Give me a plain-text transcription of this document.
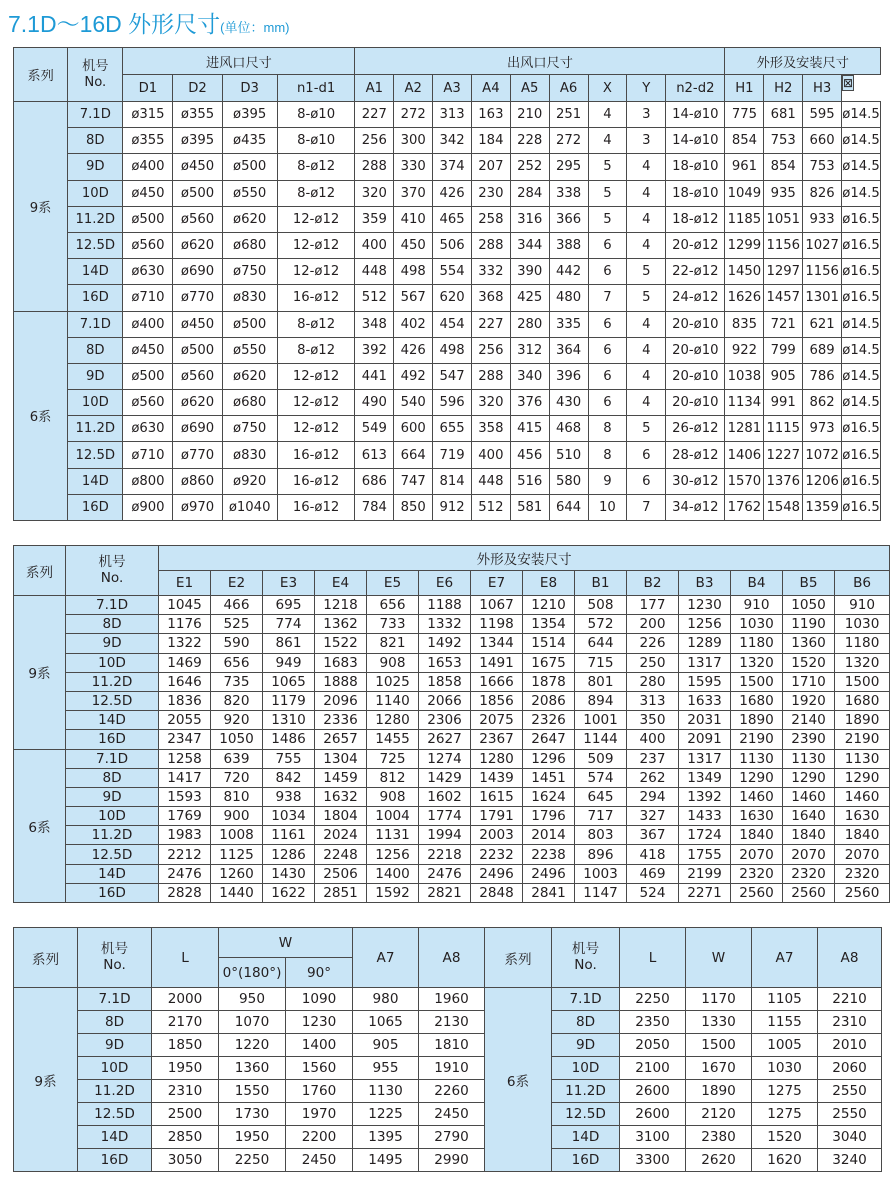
7.1D～16D 外形尺寸(单位：mm)
系列	机号
No.	进风口尺寸				出风口尺寸									外形及安装尺寸			
		D1	D2	D3	n1-d1	A1	A2	A3	A4	A5	A6	X	Y	n2-d2	H1	H2	H3	⊠
9系	7.1D	ø315	ø355	ø395	8-ø10	227	272	313	163	210	251	4	3	14-ø10	775	681	595	ø14.5
	8D	ø355	ø395	ø435	8-ø10	256	300	342	184	228	272	4	3	14-ø10	854	753	660	ø14.5
	9D	ø400	ø450	ø500	8-ø12	288	330	374	207	252	295	5	4	18-ø10	961	854	753	ø14.5
	10D	ø450	ø500	ø550	8-ø12	320	370	426	230	284	338	5	4	18-ø10	1049	935	826	ø14.5
	11.2D	ø500	ø560	ø620	12-ø12	359	410	465	258	316	366	5	4	18-ø12	1185	1051	933	ø16.5
	12.5D	ø560	ø620	ø680	12-ø12	400	450	506	288	344	388	6	4	20-ø12	1299	1156	1027	ø16.5
	14D	ø630	ø690	ø750	12-ø12	448	498	554	332	390	442	6	5	22-ø12	1450	1297	1156	ø16.5
	16D	ø710	ø770	ø830	16-ø12	512	567	620	368	425	480	7	5	24-ø12	1626	1457	1301	ø16.5
6系	7.1D	ø400	ø450	ø500	8-ø12	348	402	454	227	280	335	6	4	20-ø10	835	721	621	ø14.5
	8D	ø450	ø500	ø550	8-ø12	392	426	498	256	312	364	6	4	20-ø10	922	799	689	ø14.5
	9D	ø500	ø560	ø620	12-ø12	441	492	547	288	340	396	6	4	20-ø10	1038	905	786	ø14.5
	10D	ø560	ø620	ø680	12-ø12	490	540	596	320	376	430	6	4	20-ø10	1134	991	862	ø14.5
	11.2D	ø630	ø690	ø750	12-ø12	549	600	655	358	415	468	8	5	26-ø12	1281	1115	973	ø16.5
	12.5D	ø710	ø770	ø830	16-ø12	613	664	719	400	456	510	8	6	28-ø12	1406	1227	1072	ø16.5
	14D	ø800	ø860	ø920	16-ø12	686	747	814	448	516	580	9	6	30-ø12	1570	1376	1206	ø16.5
	16D	ø900	ø970	ø1040	16-ø12	784	850	912	512	581	644	10	7	34-ø12	1762	1548	1359	ø16.5
系列	机号
No.	外形及安装尺寸													
		E1	E2	E3	E4	E5	E6	E7	E8	B1	B2	B3	B4	B5	B6
9系	7.1D	1045	466	695	1218	656	1188	1067	1210	508	177	1230	910	1050	910
	8D	1176	525	774	1362	733	1332	1198	1354	572	200	1256	1030	1190	1030
	9D	1322	590	861	1522	821	1492	1344	1514	644	226	1289	1180	1360	1180
	10D	1469	656	949	1683	908	1653	1491	1675	715	250	1317	1320	1520	1320
	11.2D	1646	735	1065	1888	1025	1858	1666	1878	801	280	1595	1500	1710	1500
	12.5D	1836	820	1179	2096	1140	2066	1856	2086	894	313	1633	1680	1920	1680
	14D	2055	920	1310	2336	1280	2306	2075	2326	1001	350	2031	1890	2140	1890
	16D	2347	1050	1486	2657	1455	2627	2367	2647	1144	400	2091	2190	2390	2190
6系	7.1D	1258	639	755	1304	725	1274	1280	1296	509	237	1317	1130	1130	1130
	8D	1417	720	842	1459	812	1429	1439	1451	574	262	1349	1290	1290	1290
	9D	1593	810	938	1632	908	1602	1615	1624	645	294	1392	1460	1460	1460
	10D	1769	900	1034	1804	1004	1774	1791	1796	717	327	1433	1630	1640	1630
	11.2D	1983	1008	1161	2024	1131	1994	2003	2014	803	367	1724	1840	1840	1840
	12.5D	2212	1125	1286	2248	1256	2218	2232	2238	896	418	1755	2070	2070	2070
	14D	2476	1260	1430	2506	1400	2476	2496	2496	1003	469	2199	2320	2320	2320
	16D	2828	1440	1622	2851	1592	2821	2848	2841	1147	524	2271	2560	2560	2560
系列	机号
No.	L	W		A7	A8	系列	机号
No.	L	W	A7	A8
			0°(180°)	90°								
9系	7.1D	2000	950	1090	980	1960	6系	7.1D	2250	1170	1105	2210
	8D	2170	1070	1230	1065	2130		8D	2350	1330	1155	2310
	9D	1850	1220	1400	905	1810		9D	2050	1500	1005	2010
	10D	1950	1360	1560	955	1910		10D	2100	1670	1030	2060
	11.2D	2310	1550	1760	1130	2260		11.2D	2600	1890	1275	2550
	12.5D	2500	1730	1970	1225	2450		12.5D	2600	2120	1275	2550
	14D	2850	1950	2200	1395	2790		14D	3100	2380	1520	3040
	16D	3050	2250	2450	1495	2990		16D	3300	2620	1620	3240
